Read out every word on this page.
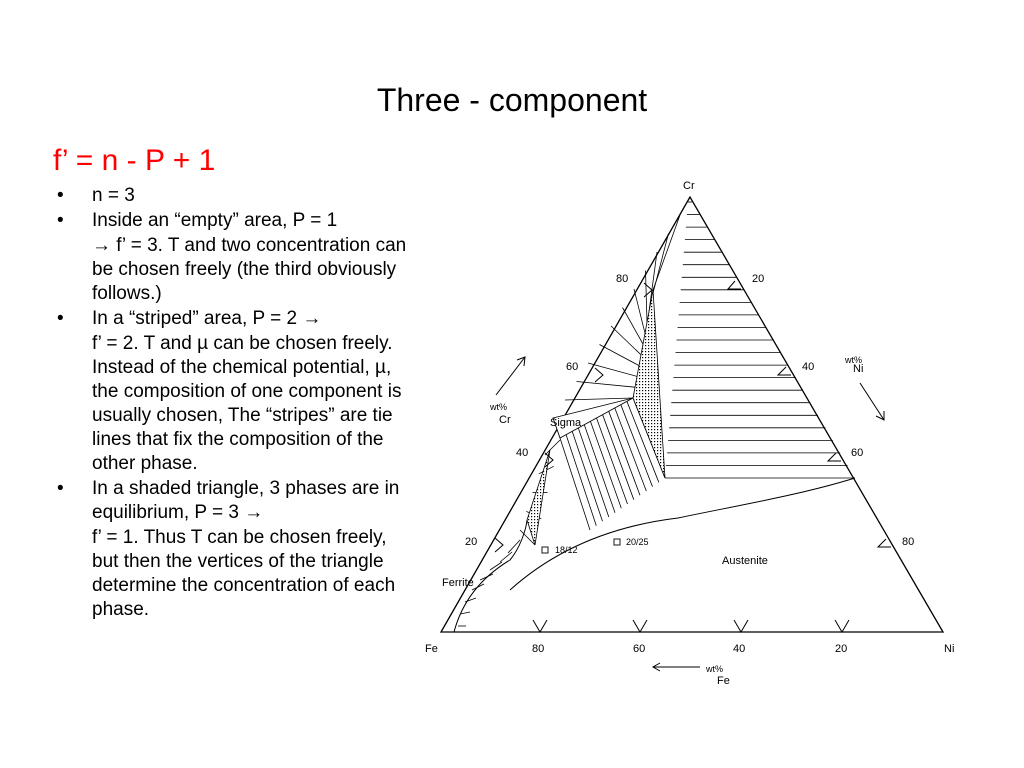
Three - component
f’ = n - P + 1
• n = 3
• Inside an “empty” area, P = 1
→ f’ = 3. T and two concentration can be chosen freely (the third obviously follows.)
• In a “striped” area, P = 2 →
f’ = 2. T and µ can be chosen freely. Instead of the chemical potential, µ, the composition of one component is usually chosen, The “stripes” are tie lines that fix the composition of the other phase.
• In a shaded triangle, 3 phases are in equilibrium, P = 3 →
f’ = 1. Thus T can be chosen freely, but then the vertices of the triangle determine the concentration of each phase.
Cr
Fe	Ni
80
60
40
20
20
40
60
80
80	60	40	20
wt%
Cr
wt%
Ni
wt%
Fe
Sigma
Ferrite
Austenite
18/12
20/25
